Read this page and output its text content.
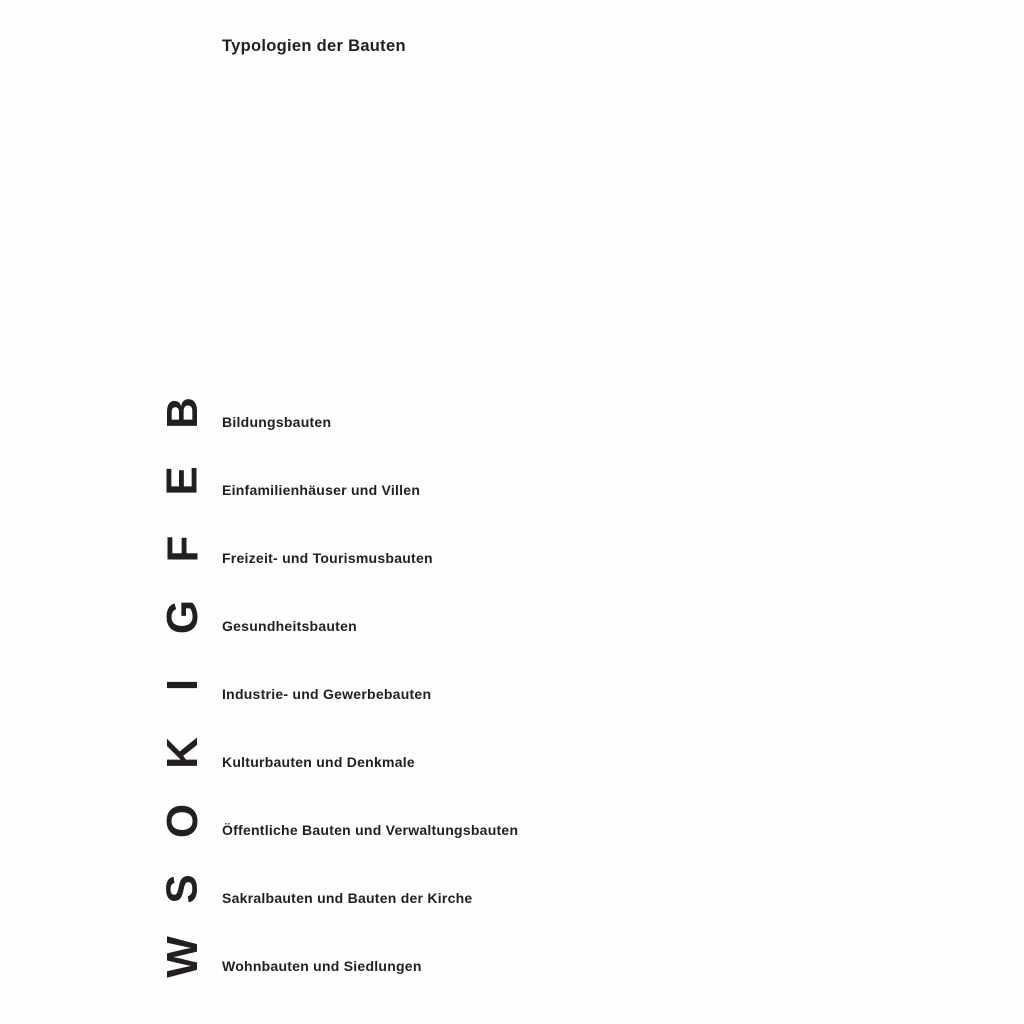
Typologien der Bauten
B Bildungsbauten
E Einfamilienhäuser und Villen
F Freizeit- und Tourismusbauten
G Gesundheitsbauten
I
Industrie- und Gewerbebauten
K Kulturbauten und Denkmale
O Öffentliche Bauten und Verwaltungsbauten
S Sakralbauten und Bauten der Kirche
W Wohnbauten und Siedlungen
